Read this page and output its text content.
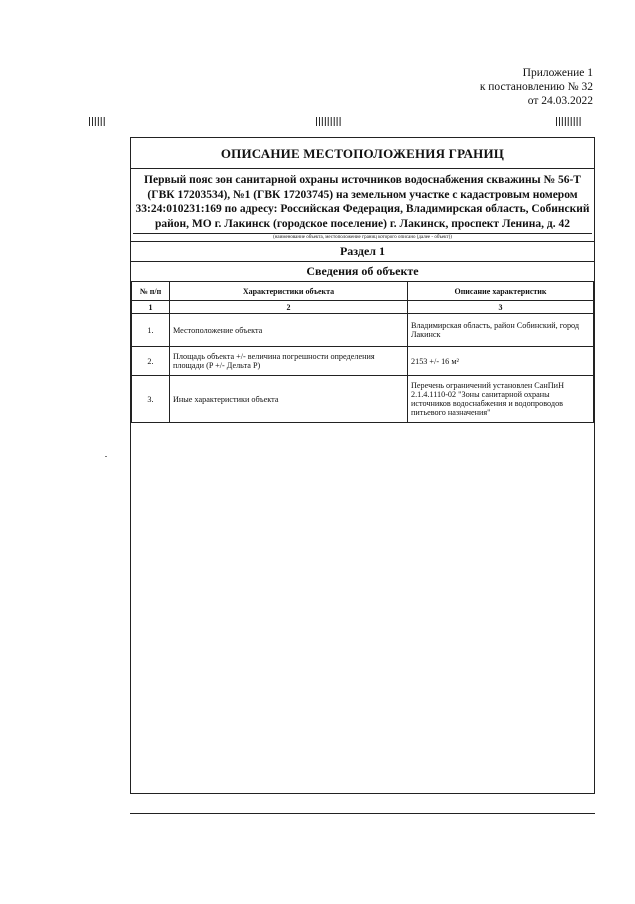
Приложение 1
к постановлению № 32
от 24.03.2022
ǀǀǀǀǀǀ	ǀǀǀǀǀǀǀǀǀ	ǀǀǀǀǀǀǀǀǀ
ОПИСАНИЕ МЕСТОПОЛОЖЕНИЯ ГРАНИЦ
Первый пояс зон санитарной охраны источников водоснабжения скважины № 56-Т (ГВК 17203534), №1 (ГВК 17203745) на земельном участке с кадастровым номером 33:24:010231:169 по адресу: Российская Федерация, Владимирская область, Собинский район, МО г. Лакинск (городское поселение) г. Лакинск, проспект Ленина, д. 42
(наименование объекта, местоположение границ которого описано (далее - объект))
Раздел 1
Сведения об объекте
№ п/п	Характеристики объекта	Описание характеристик
1	2	3
1.	Местоположение объекта	Владимирская область, район Собинский, город Лакинск
2.	Площадь объекта +/- величина погрешности определения площади (P +/- Дельта P)	2153 +/- 16 м²
3.	Иные характеристики объекта	Перечень ограничений установлен СанПиН 2.1.4.1110-02 "Зоны санитарной охраны источников водоснабжения и водопроводов питьевого назначения"
